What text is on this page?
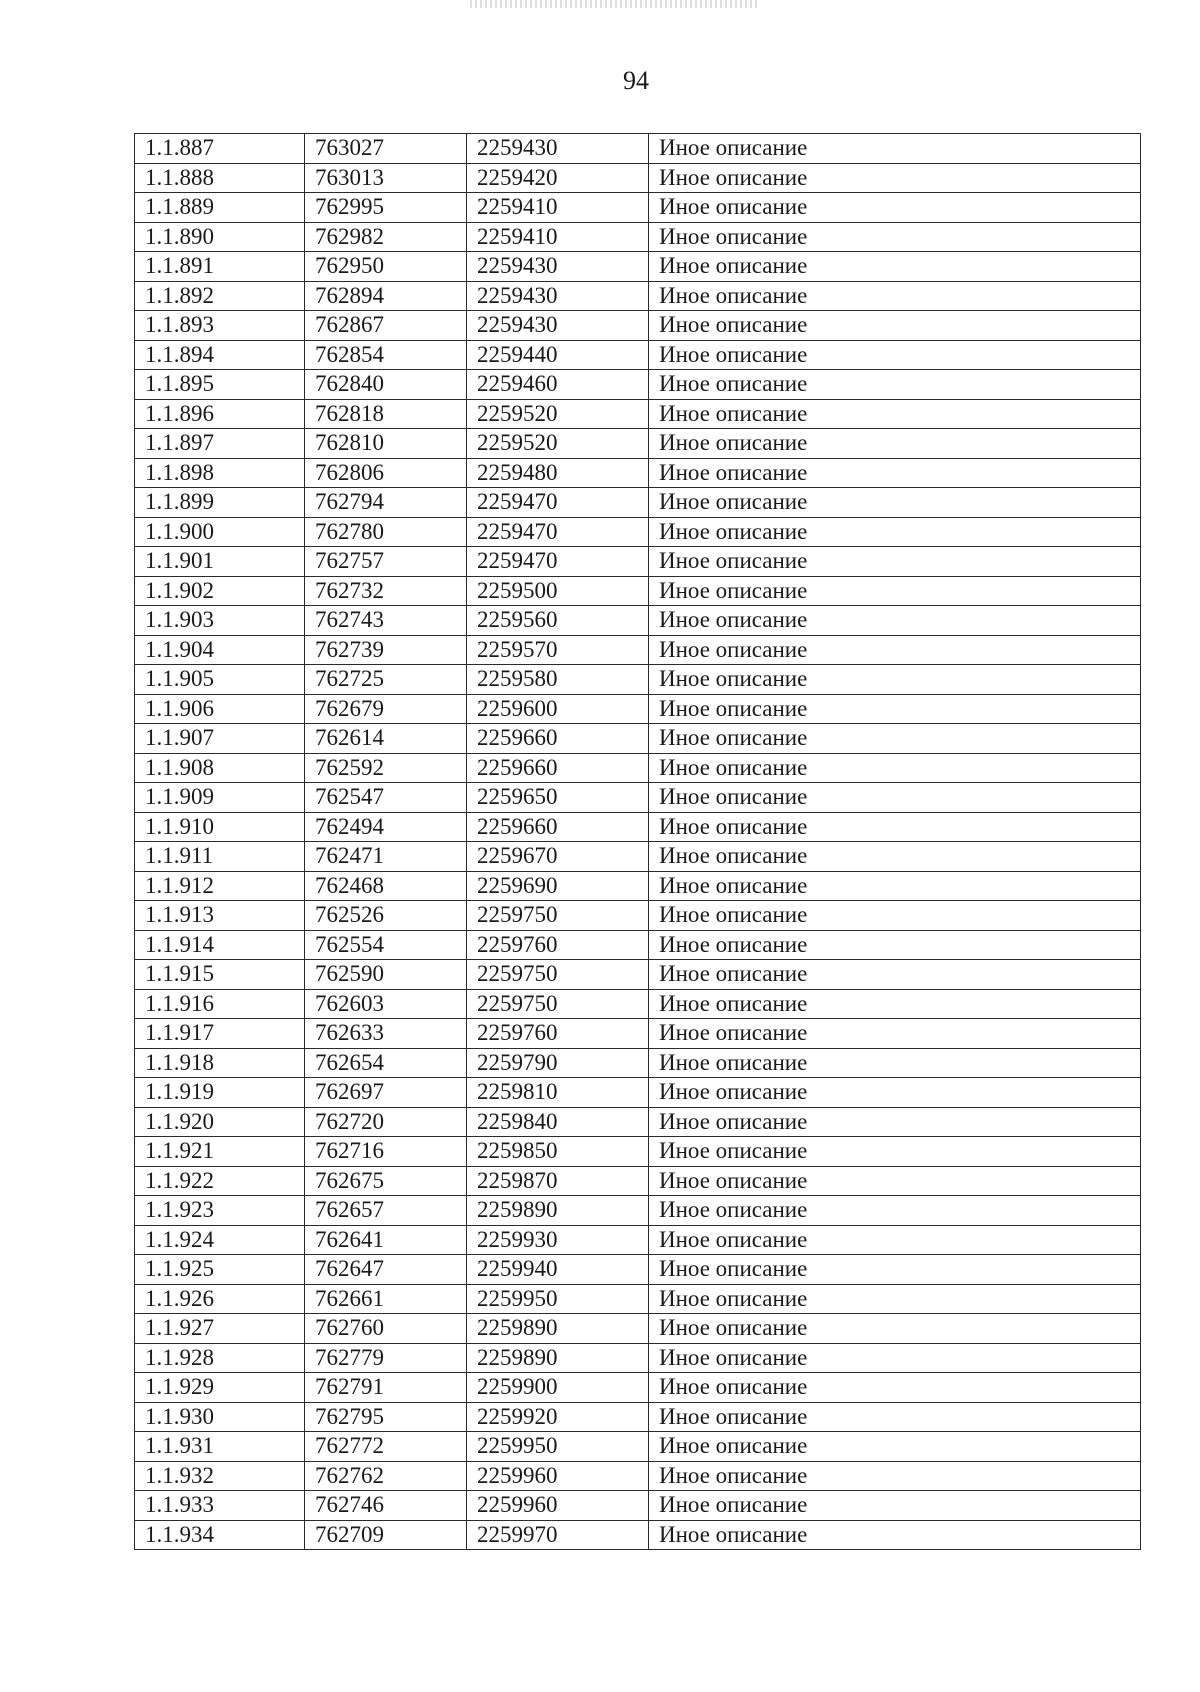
94
1.1.887	763027	2259430	Иное описание
1.1.888	763013	2259420	Иное описание
1.1.889	762995	2259410	Иное описание
1.1.890	762982	2259410	Иное описание
1.1.891	762950	2259430	Иное описание
1.1.892	762894	2259430	Иное описание
1.1.893	762867	2259430	Иное описание
1.1.894	762854	2259440	Иное описание
1.1.895	762840	2259460	Иное описание
1.1.896	762818	2259520	Иное описание
1.1.897	762810	2259520	Иное описание
1.1.898	762806	2259480	Иное описание
1.1.899	762794	2259470	Иное описание
1.1.900	762780	2259470	Иное описание
1.1.901	762757	2259470	Иное описание
1.1.902	762732	2259500	Иное описание
1.1.903	762743	2259560	Иное описание
1.1.904	762739	2259570	Иное описание
1.1.905	762725	2259580	Иное описание
1.1.906	762679	2259600	Иное описание
1.1.907	762614	2259660	Иное описание
1.1.908	762592	2259660	Иное описание
1.1.909	762547	2259650	Иное описание
1.1.910	762494	2259660	Иное описание
1.1.911	762471	2259670	Иное описание
1.1.912	762468	2259690	Иное описание
1.1.913	762526	2259750	Иное описание
1.1.914	762554	2259760	Иное описание
1.1.915	762590	2259750	Иное описание
1.1.916	762603	2259750	Иное описание
1.1.917	762633	2259760	Иное описание
1.1.918	762654	2259790	Иное описание
1.1.919	762697	2259810	Иное описание
1.1.920	762720	2259840	Иное описание
1.1.921	762716	2259850	Иное описание
1.1.922	762675	2259870	Иное описание
1.1.923	762657	2259890	Иное описание
1.1.924	762641	2259930	Иное описание
1.1.925	762647	2259940	Иное описание
1.1.926	762661	2259950	Иное описание
1.1.927	762760	2259890	Иное описание
1.1.928	762779	2259890	Иное описание
1.1.929	762791	2259900	Иное описание
1.1.930	762795	2259920	Иное описание
1.1.931	762772	2259950	Иное описание
1.1.932	762762	2259960	Иное описание
1.1.933	762746	2259960	Иное описание
1.1.934	762709	2259970	Иное описание
